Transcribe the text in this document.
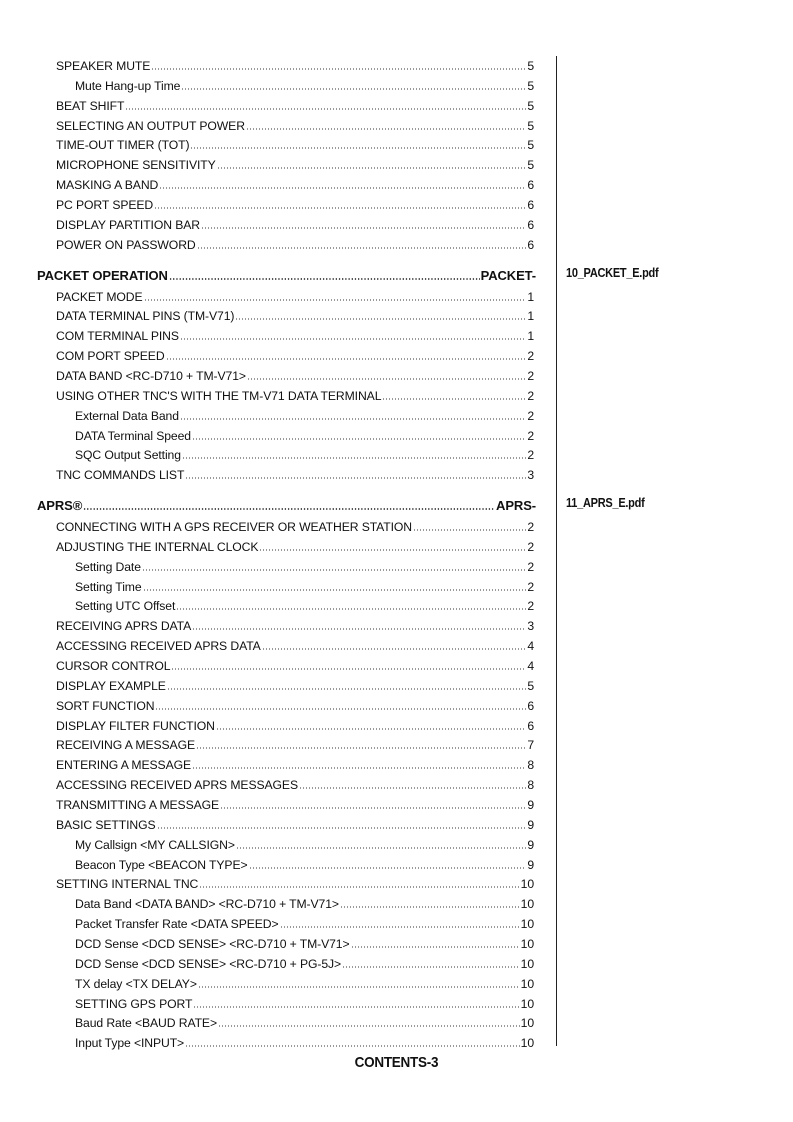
SPEAKER MUTE	5
Mute Hang-up Time	5
BEAT SHIFT	5
SELECTING AN OUTPUT POWER	5
TIME-OUT TIMER (TOT)	5
MICROPHONE SENSITIVITY	5
MASKING A BAND	6
PC PORT SPEED	6
DISPLAY PARTITION BAR	6
POWER ON PASSWORD	6
PACKET OPERATION	PACKET-
PACKET MODE	1
DATA TERMINAL PINS (TM-V71)	1
COM TERMINAL PINS	1
COM PORT SPEED	2
DATA BAND <RC-D710 + TM-V71>	2
USING OTHER TNC'S WITH THE TM-V71 DATA TERMINAL	2
External Data Band	2
DATA Terminal Speed	2
SQC Output Setting	2
TNC COMMANDS LIST	3
APRS®	APRS-
CONNECTING WITH A GPS RECEIVER OR WEATHER STATION	2
ADJUSTING THE INTERNAL CLOCK	2
Setting Date	2
Setting Time	2
Setting UTC Offset	2
RECEIVING APRS DATA	3
ACCESSING RECEIVED APRS DATA	4
CURSOR CONTROL	4
DISPLAY EXAMPLE	5
SORT FUNCTION	6
DISPLAY FILTER FUNCTION	6
RECEIVING A MESSAGE	7
ENTERING A MESSAGE	8
ACCESSING RECEIVED APRS MESSAGES	8
TRANSMITTING A MESSAGE	9
BASIC SETTINGS	9
My Callsign <MY CALLSIGN>	9
Beacon Type <BEACON TYPE>	9
SETTING INTERNAL TNC	10
Data Band <DATA BAND> <RC-D710 + TM-V71>	10
Packet Transfer Rate <DATA SPEED>	10
DCD Sense <DCD SENSE> <RC-D710 + TM-V71>	10
DCD Sense <DCD SENSE> <RC-D710 + PG-5J>	10
TX delay <TX DELAY>	10
SETTING GPS PORT	10
Baud Rate <BAUD RATE>	10
Input Type <INPUT>	10
CONTENTS-3
10_PACKET_E.pdf
11_APRS_E.pdf
